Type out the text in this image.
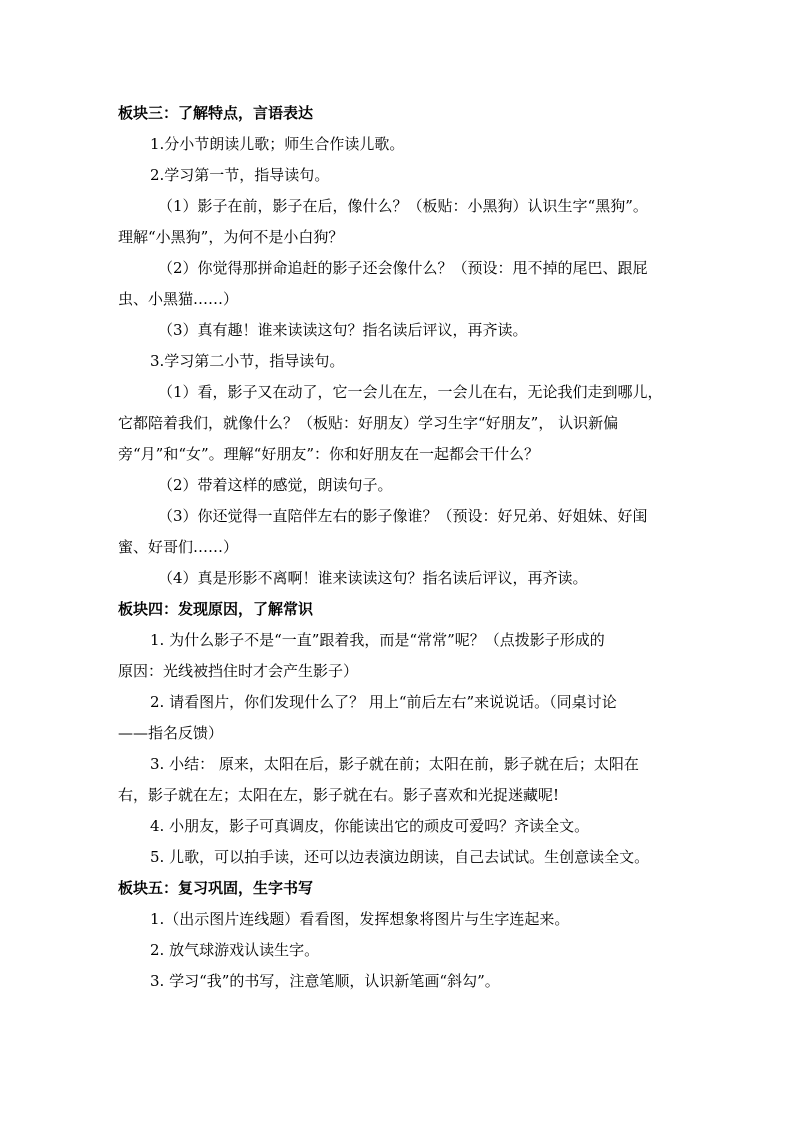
板块三：了解特点，言语表达
1.分小节朗读儿歌；师生合作读儿歌。
2.学习第一节，指导读句。
（1）影子在前，影子在后，像什么？（板贴：小黑狗）认识生字“黑狗”。
理解“小黑狗”，为何不是小白狗？
（2）你觉得那拼命追赶的影子还会像什么？（预设：甩不掉的尾巴、跟屁
虫、小黑猫……）
（3）真有趣！谁来读读这句？指名读后评议，再齐读。
3.学习第二小节，指导读句。
（1）看，影子又在动了，它一会儿在左，一会儿在右，无论我们走到哪儿，
它都陪着我们，就像什么？（板贴：好朋友）学习生字“好朋友”， 认识新偏
旁“月”和“女”。理解“好朋友”：你和好朋友在一起都会干什么？
（2）带着这样的感觉，朗读句子。
（3）你还觉得一直陪伴左右的影子像谁？（预设：好兄弟、好姐妹、好闺
蜜、好哥们……）
（4）真是形影不离啊！谁来读读这句？指名读后评议，再齐读。
板块四：发现原因，了解常识
1. 为什么影子不是“一直”跟着我，而是“常常”呢？（点拨影子形成的
原因：光线被挡住时才会产生影子）
2. 请看图片，你们发现什么了？ 用上“前后左右”来说说话。（同桌讨论
——指名反馈）
3. 小结： 原来，太阳在后，影子就在前；太阳在前，影子就在后；太阳在
右，影子就在左；太阳在左，影子就在右。影子喜欢和光捉迷藏呢!
4. 小朋友，影子可真调皮，你能读出它的顽皮可爱吗？齐读全文。
5. 儿歌，可以拍手读，还可以边表演边朗读，自己去试试。生创意读全文。
板块五：复习巩固，生字书写
1.（出示图片连线题）看看图，发挥想象将图片与生字连起来。
2. 放气球游戏认读生字。
3. 学习“我”的书写，注意笔顺，认识新笔画“斜勾”。
